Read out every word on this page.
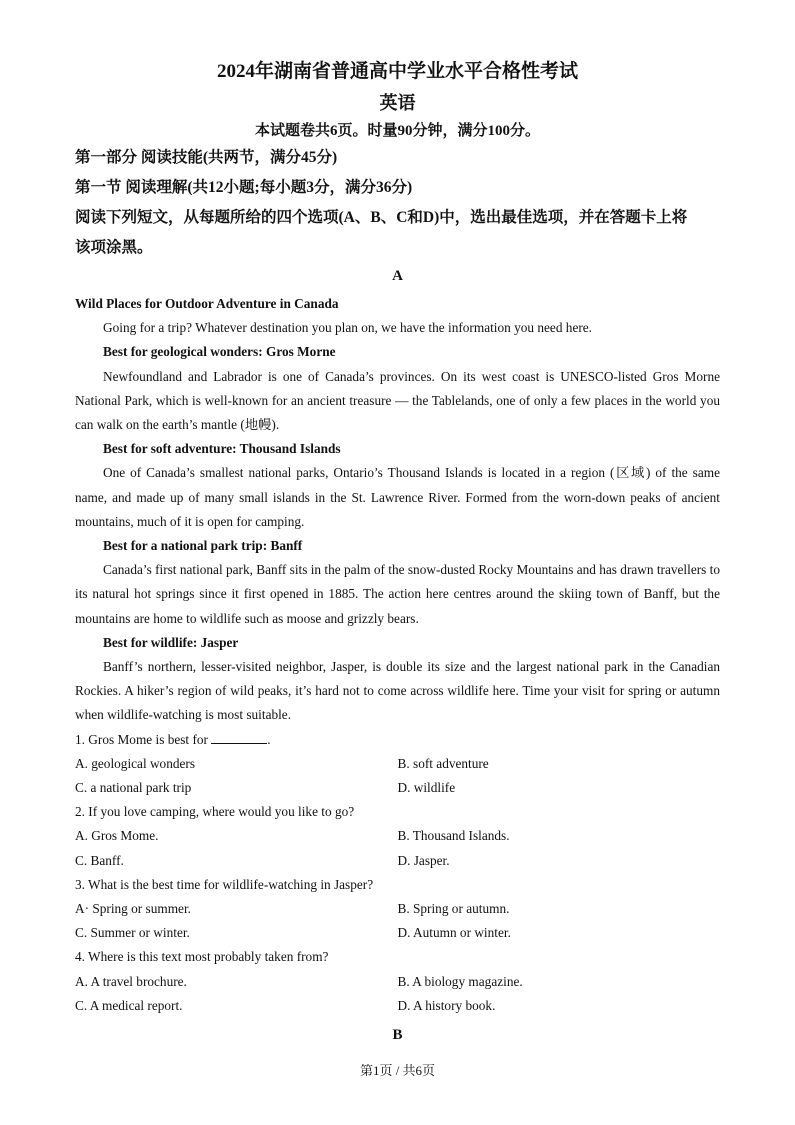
2024年湖南省普通高中学业水平合格性考试
英语
本试题卷共6页。时量90分钟，满分100分。
第一部分 阅读技能(共两节，满分45分)
第一节 阅读理解(共12小题;每小题3分，满分36分)
阅读下列短文，从每题所给的四个选项(A、B、C和D)中，选出最佳选项，并在答题卡上将
该项涂黑。
A

Wild Places for Outdoor Adventure in Canada

Going for a trip? Whatever destination you plan on, we have the information you need here.

Best for geological wonders: Gros Morne

Newfoundland and Labrador is one of Canada’s provinces. On its west coast is UNESCO-listed Gros Morne National Park, which is well-known for an ancient treasure — the Tablelands, one of only a few places in the world you can walk on the earth’s mantle (地幔).

Best for soft adventure: Thousand Islands

One of Canada’s smallest national parks, Ontario’s Thousand Islands is located in a region (区域) of the same name, and made up of many small islands in the St. Lawrence River. Formed from the worn-down peaks of ancient mountains, much of it is open for camping.

Best for a national park trip: Banff

Canada’s first national park, Banff sits in the palm of the snow-dusted Rocky Mountains and has drawn travellers to its natural hot springs since it first opened in 1885. The action here centres around the skiing town of Banff, but the mountains are home to wildlife such as moose and grizzly bears.

Best for wildlife: Jasper

Banff’s northern, lesser-visited neighbor, Jasper, is double its size and the largest national park in the Canadian Rockies. A hiker’s region of wild peaks, it’s hard not to come across wildlife here. Time your visit for spring or autumn when wildlife-watching is most suitable.

1. Gros Mome is best for	.

A. geological wonders	B. soft adventure
C. a national park trip	D. wildlife

2. If you love camping, where would you like to go?

A. Gros Mome.	B. Thousand Islands.
C. Banff.	D. Jasper.

3. What is the best time for wildlife-watching in Jasper?

A· Spring or summer.	B. Spring or autumn.
C. Summer or winter.	D. Autumn or winter.

4. Where is this text most probably taken from?

A. A travel brochure.	B. A biology magazine.
C. A medical report.	D. A history book.
B
第1页 / 共6页
